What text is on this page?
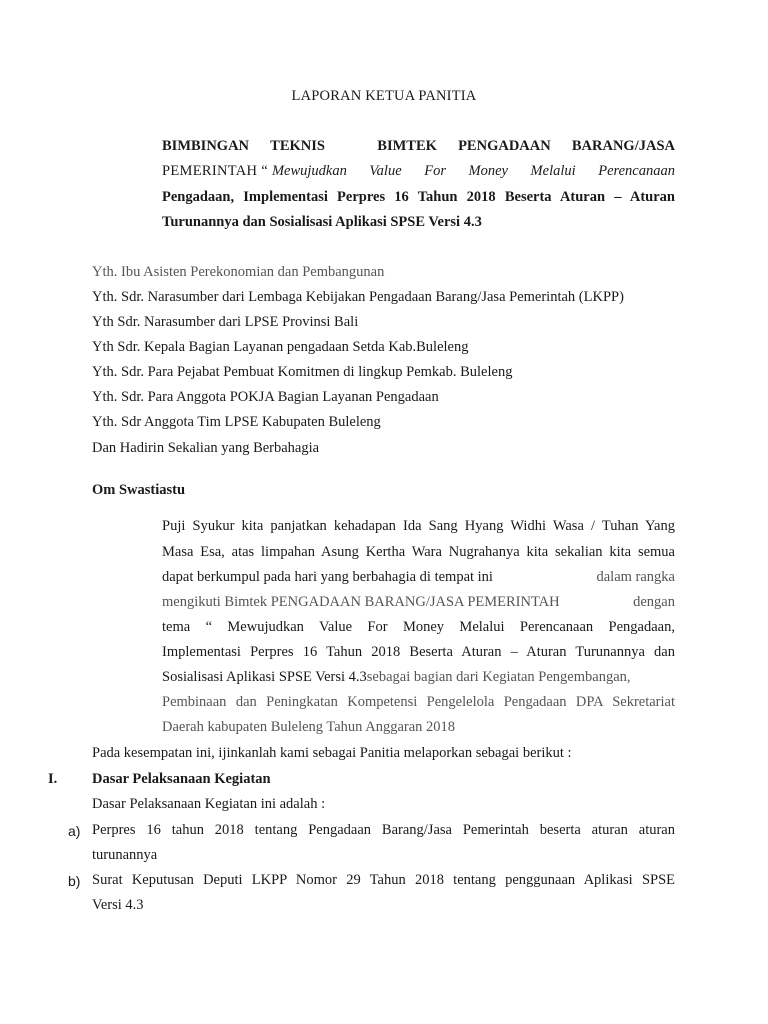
LAPORAN KETUA PANITIA
BIMBINGAN TEKNIS	BIMTEK PENGADAAN BARANG/JASA
PEMERINTAH “ Mewujudkan Value For Money Melalui Perencanaan
Pengadaan, Implementasi Perpres 16 Tahun 2018 Beserta Aturan – Aturan
Turunannya dan Sosialisasi Aplikasi SPSE Versi 4.3
Yth. Ibu Asisten Perekonomian dan Pembangunan
Yth. Sdr. Narasumber dari Lembaga Kebijakan Pengadaan Barang/Jasa Pemerintah (LKPP)
Yth Sdr. Narasumber dari LPSE Provinsi Bali
Yth Sdr. Kepala Bagian Layanan pengadaan Setda Kab.Buleleng
Yth. Sdr. Para Pejabat Pembuat Komitmen di lingkup Pemkab. Buleleng
Yth. Sdr. Para Anggota POKJA Bagian Layanan Pengadaan
Yth. Sdr Anggota Tim LPSE Kabupaten Buleleng
Dan Hadirin Sekalian yang Berbahagia
Om Swastiastu
Puji Syukur kita panjatkan kehadapan Ida Sang Hyang Widhi Wasa / Tuhan Yang
Masa Esa, atas limpahan Asung Kertha Wara Nugrahanya kita sekalian kita semua
dapat berkumpul pada hari yang berbahagia di tempat ini	dalam rangka
mengikuti Bimtek PENGADAAN BARANG/JASA PEMERINTAH	dengan
tema “ Mewujudkan Value For Money Melalui Perencanaan Pengadaan,
Implementasi Perpres 16 Tahun 2018 Beserta Aturan – Aturan Turunannya dan
Sosialisasi Aplikasi SPSE Versi 4.3sebagai bagian dari Kegiatan Pengembangan,
Pembinaan dan Peningkatan Kompetensi Pengelelola Pengadaan DPA Sekretariat
Daerah kabupaten Buleleng Tahun Anggaran 2018
Pada kesempatan ini, ijinkanlah kami sebagai Panitia melaporkan sebagai berikut :
I. Dasar Pelaksanaan Kegiatan
Dasar Pelaksanaan Kegiatan ini adalah :
a) Perpres 16 tahun 2018 tentang Pengadaan Barang/Jasa Pemerintah beserta aturan aturan
turunannya
b) Surat Keputusan Deputi LKPP Nomor 29 Tahun 2018 tentang penggunaan Aplikasi SPSE
Versi 4.3
